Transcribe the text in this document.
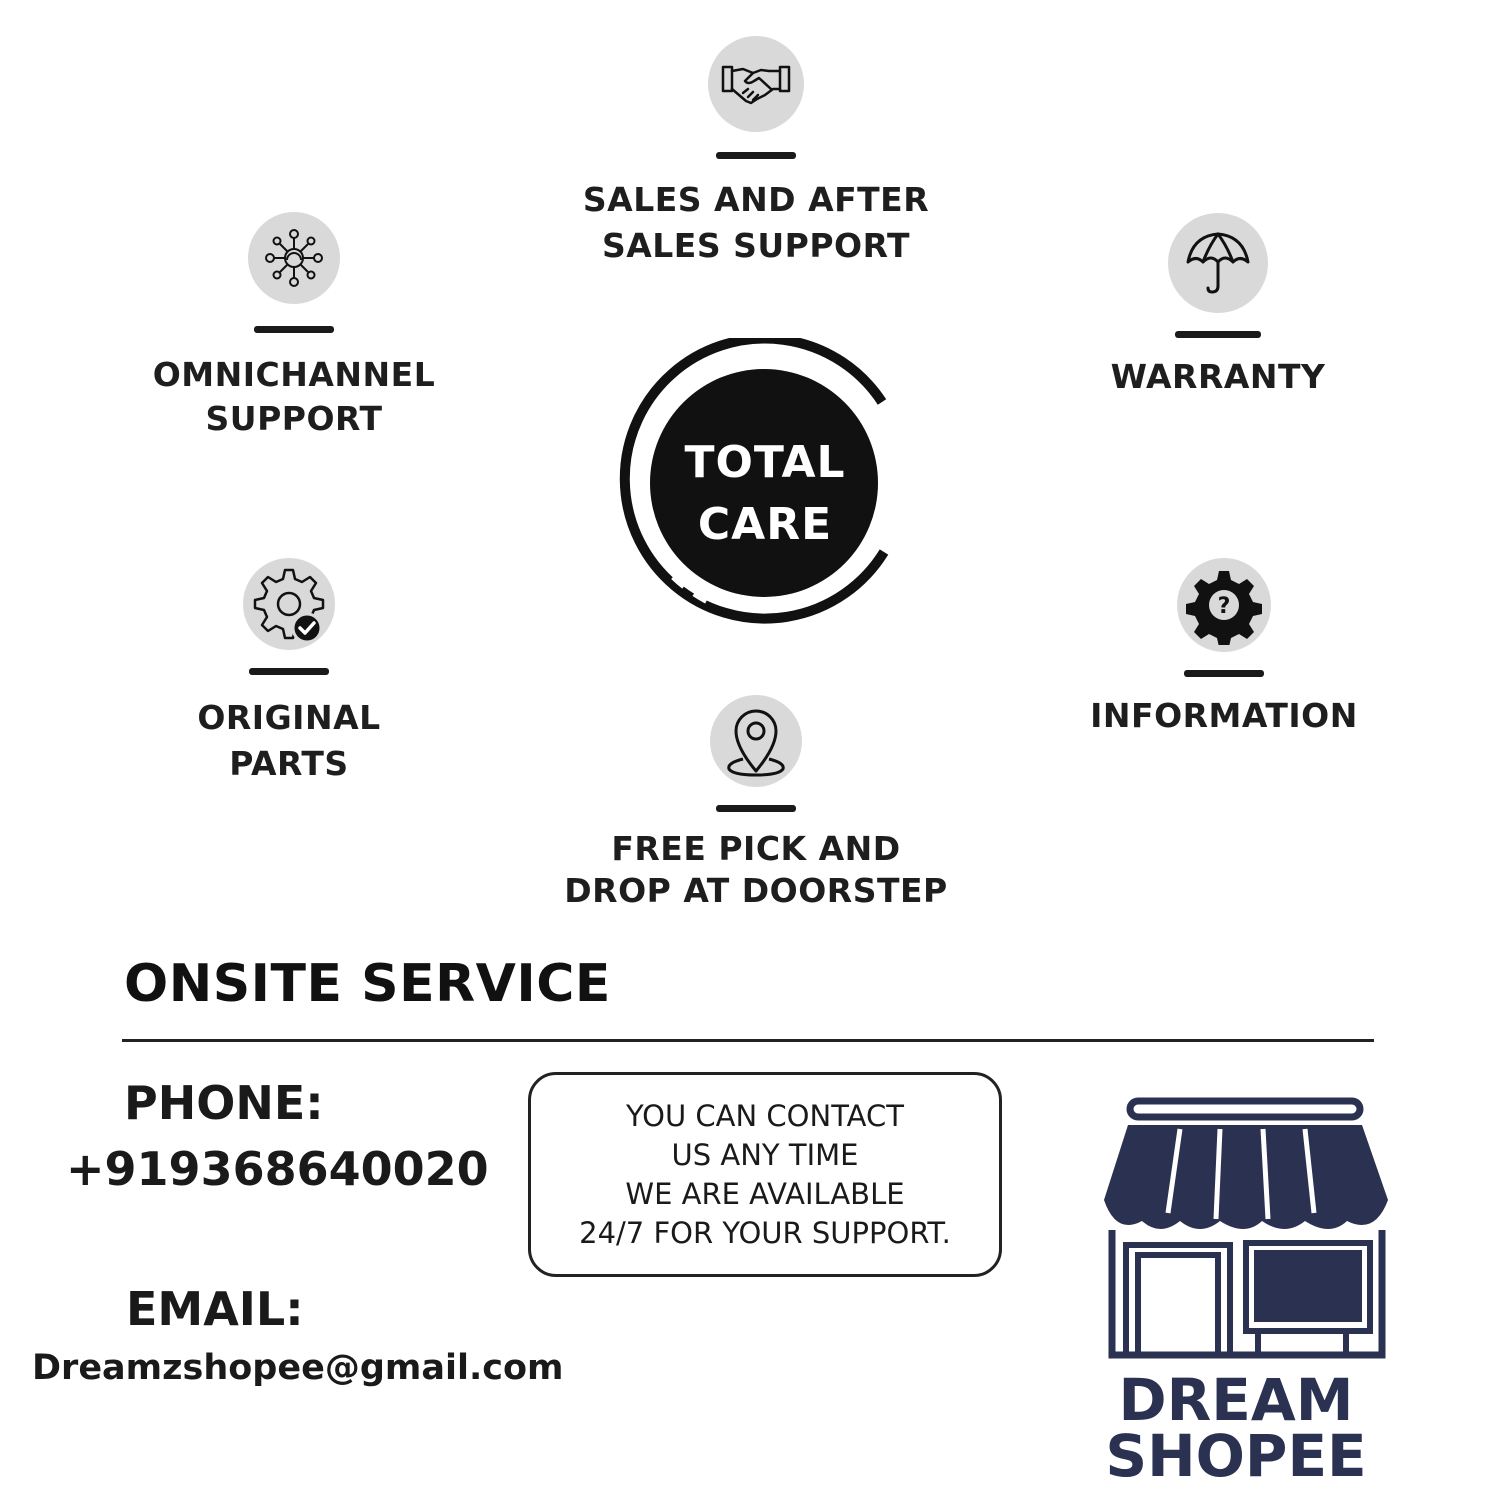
SALES AND AFTER
SALES SUPPORT
OMNICHANNEL
SUPPORT
WARRANTY
ORIGINAL PARTS
?
INFORMATION
FREE PICK AND
DROP AT DOORSTEP
TOTAL
CARE
ONSITE SERVICE
PHONE:
+919368640020
EMAIL:
Dreamzshopee@gmail.com
YOU CAN CONTACT
US ANY TIME
WE ARE AVAILABLE
24/7 FOR YOUR SUPPORT.
DREAM
SHOPEE
